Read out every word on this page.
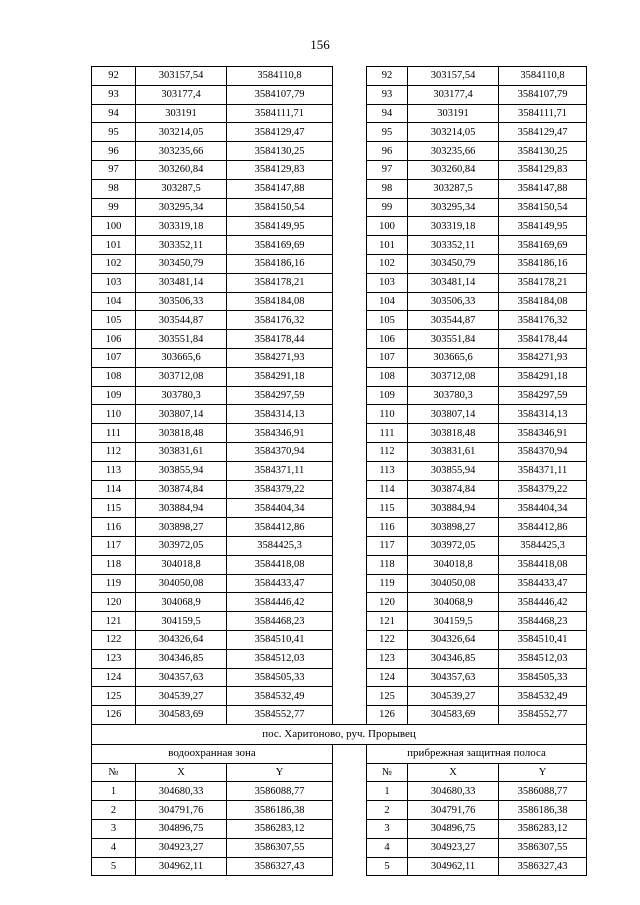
156
92	303157,54	3584110,8		92	303157,54	3584110,8
93	303177,4	3584107,79		93	303177,4	3584107,79
94	303191	3584111,71		94	303191	3584111,71
95	303214,05	3584129,47		95	303214,05	3584129,47
96	303235,66	3584130,25		96	303235,66	3584130,25
97	303260,84	3584129,83		97	303260,84	3584129,83
98	303287,5	3584147,88		98	303287,5	3584147,88
99	303295,34	3584150,54		99	303295,34	3584150,54
100	303319,18	3584149,95		100	303319,18	3584149,95
101	303352,11	3584169,69		101	303352,11	3584169,69
102	303450,79	3584186,16		102	303450,79	3584186,16
103	303481,14	3584178,21		103	303481,14	3584178,21
104	303506,33	3584184,08		104	303506,33	3584184,08
105	303544,87	3584176,32		105	303544,87	3584176,32
106	303551,84	3584178,44		106	303551,84	3584178,44
107	303665,6	3584271,93		107	303665,6	3584271,93
108	303712,08	3584291,18		108	303712,08	3584291,18
109	303780,3	3584297,59		109	303780,3	3584297,59
110	303807,14	3584314,13		110	303807,14	3584314,13
111	303818,48	3584346,91		111	303818,48	3584346,91
112	303831,61	3584370,94		112	303831,61	3584370,94
113	303855,94	3584371,11		113	303855,94	3584371,11
114	303874,84	3584379,22		114	303874,84	3584379,22
115	303884,94	3584404,34		115	303884,94	3584404,34
116	303898,27	3584412,86		116	303898,27	3584412,86
117	303972,05	3584425,3		117	303972,05	3584425,3
118	304018,8	3584418,08		118	304018,8	3584418,08
119	304050,08	3584433,47		119	304050,08	3584433,47
120	304068,9	3584446,42		120	304068,9	3584446,42
121	304159,5	3584468,23		121	304159,5	3584468,23
122	304326,64	3584510,41		122	304326,64	3584510,41
123	304346,85	3584512,03		123	304346,85	3584512,03
124	304357,63	3584505,33		124	304357,63	3584505,33
125	304539,27	3584532,49		125	304539,27	3584532,49
126	304583,69	3584552,77		126	304583,69	3584552,77
пос. Харитоново, руч. Прорывец						
водоохранная зона				прибрежная защитная полоса		
№	X	Y		№	X	Y
1	304680,33	3586088,77		1	304680,33	3586088,77
2	304791,76	3586186,38		2	304791,76	3586186,38
3	304896,75	3586283,12		3	304896,75	3586283,12
4	304923,27	3586307,55		4	304923,27	3586307,55
5	304962,11	3586327,43		5	304962,11	3586327,43
